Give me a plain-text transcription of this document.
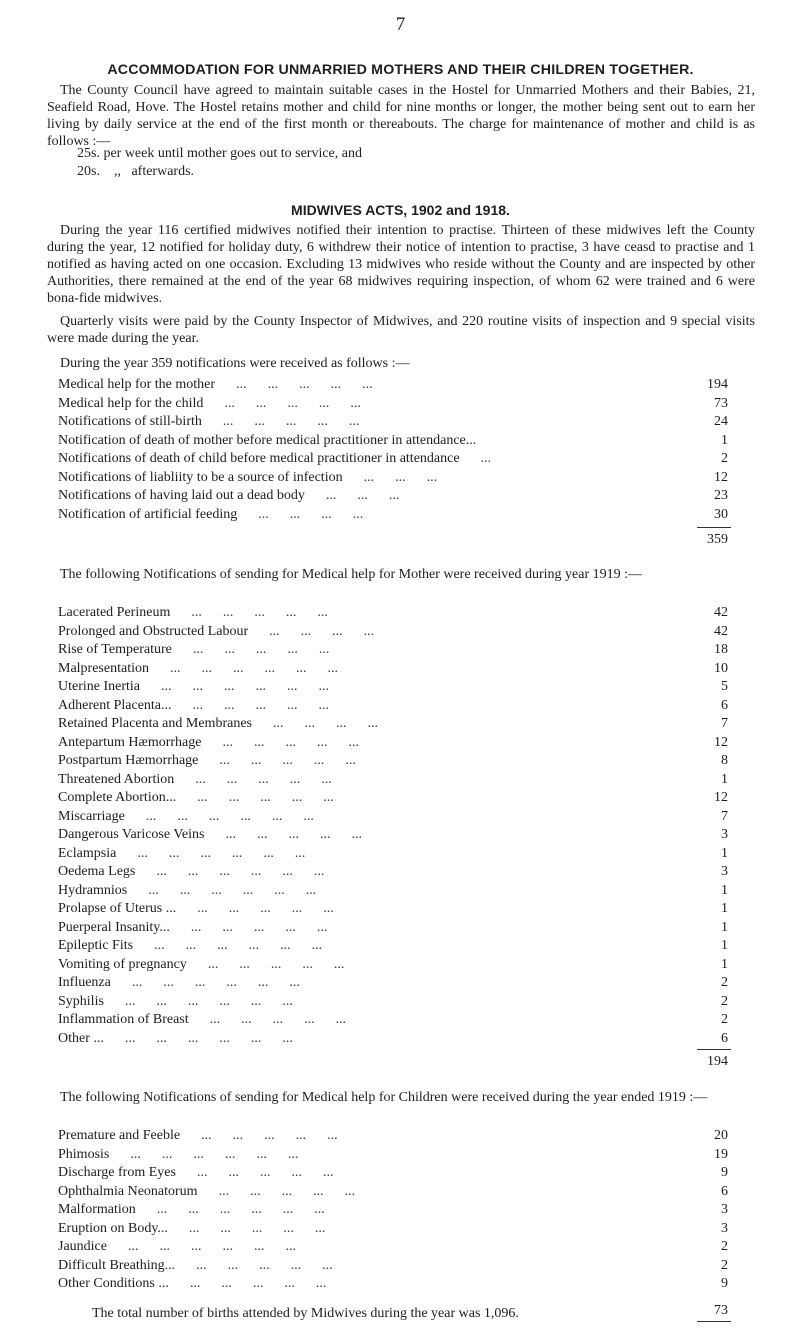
7
ACCOMMODATION FOR UNMARRIED MOTHERS AND THEIR CHILDREN TOGETHER.

The County Council have agreed to maintain suitable cases in the Hostel for Unmarried Mothers and their Babies, 21, Seafield Road, Hove. The Hostel retains mother and child for nine months or longer, the mother being sent out to earn her living by daily service at the end of the first month or thereabouts. The charge for maintenance of mother and child is as follows :—

25s. per week until mother goes out to service, and
20s.    ,,   afterwards.
MIDWIVES ACTS, 1902 and 1918.

During the year 116 certified midwives notified their intention to practise. Thirteen of these midwives left the County during the year, 12 notified for holiday duty, 6 withdrew their notice of intention to practise, 3 have ceasd to practise and 1 notified as having acted on one occasion. Excluding 13 midwives who reside without the County and are inspected by other Authorities, there remained at the end of the year 68 midwives requiring inspection, of whom 62 were trained and 6 were bona-fide midwives.

Quarterly visits were paid by the County Inspector of Midwives, and 220 routine visits of inspection and 9 special visits were made during the year.

During the year 359 notifications were received as follows :—
Medical help for the mother ...      ...      ...      ...      ...	194
Medical help for the child ...      ...      ...      ...      ...	73
Notifications of still-birth ...      ...      ...      ...      ...	24
Notification of death of mother before medical practitioner in attendance...	1
Notifications of death of child before medical practitioner in attendance ...	2
Notifications of liabliity to be a source of infection ...      ...      ...	12
Notifications of having laid out a dead body ...      ...      ...	23
Notification of artificial feeding ...      ...      ...      ...	30
359

The following Notifications of sending for Medical help for Mother were received during year 1919 :—

Lacerated Perineum ...      ...      ...      ...      ...	42
Prolonged and Obstructed Labour ...      ...      ...      ...	42
Rise of Temperature ...      ...      ...      ...      ...	18
Malpresentation ...      ...      ...      ...      ...      ...	10
Uterine Inertia ...      ...      ...      ...      ...      ...	5
Adherent Placenta... ...      ...      ...      ...      ...	6
Retained Placenta and Membranes ...      ...      ...      ...	7
Antepartum Hæmorrhage ...      ...      ...      ...      ...	12
Postpartum Hæmorrhage ...      ...      ...      ...      ...	8
Threatened Abortion ...      ...      ...      ...      ...	1
Complete Abortion... ...      ...      ...      ...      ...	12
Miscarriage ...      ...      ...      ...      ...      ...	7
Dangerous Varicose Veins ...      ...      ...      ...      ...	3
Eclampsia ...      ...      ...      ...      ...      ...	1
Oedema Legs ...      ...      ...      ...      ...      ...	3
Hydramnios ...      ...      ...      ...      ...      ...	1
Prolapse of Uterus ... ...      ...      ...      ...      ...	1
Puerperal Insanity... ...      ...      ...      ...      ...	1
Epileptic Fits ...      ...      ...      ...      ...      ...	1
Vomiting of pregnancy ...      ...      ...      ...      ...	1
Influenza ...      ...      ...      ...      ...      ...	2
Syphilis ...      ...      ...      ...      ...      ...	2
Inflammation of Breast ...      ...      ...      ...      ...	2
Other ... ...      ...      ...      ...      ...      ...	6
194

The following Notifications of sending for Medical help for Children were received during the year ended 1919 :—

Premature and Feeble ...      ...      ...      ...      ...	20
Phimosis ...      ...      ...      ...      ...      ...	19
Discharge from Eyes ...      ...      ...      ...      ...	9
Ophthalmia Neonatorum ...      ...      ...      ...      ...	6
Malformation ...      ...      ...      ...      ...      ...	3
Eruption on Body... ...      ...      ...      ...      ...	3
Jaundice ...      ...      ...      ...      ...      ...	2
Difficult Breathing... ...      ...      ...      ...      ...	2
Other Conditions ... ...      ...      ...      ...      ...	9
73
The total number of births attended by Midwives during the year was 1,096.
